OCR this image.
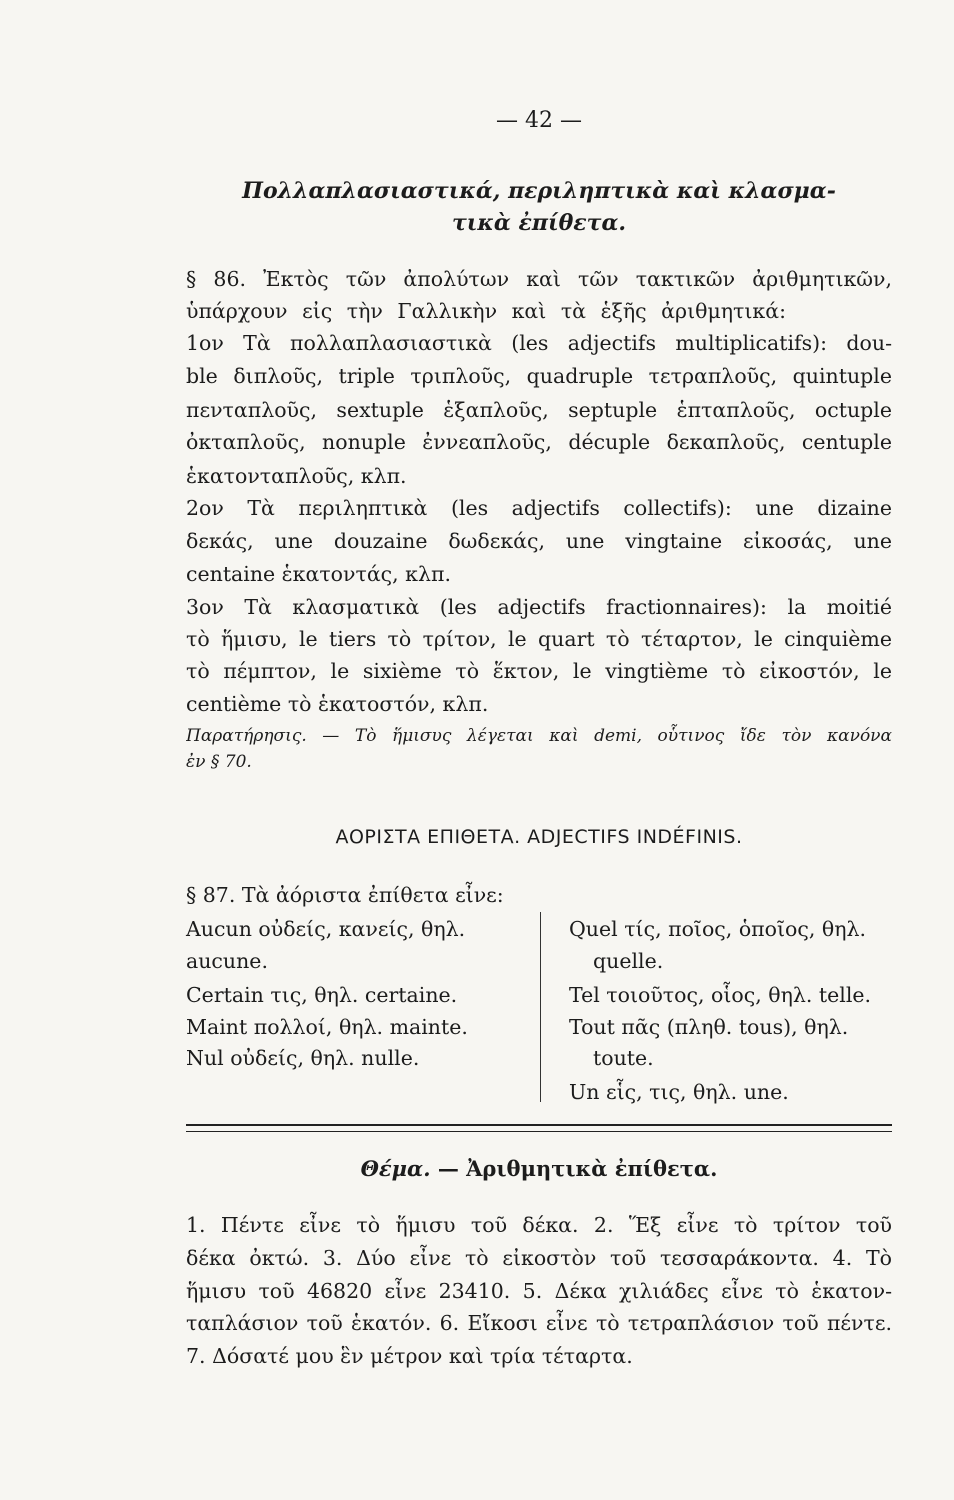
— 42 —
Πολλαπλασιαστικά, περιληπτικὰ καὶ κλασμα-
τικὰ ἐπίθετα.
§ 86. Ἐκτὸς τῶν ἀπολύτων καὶ τῶν τακτικῶν ἀριθμητικῶν,
ὑπάρχουν εἰς τὴν Γαλλικὴν καὶ τὰ ἑξῆς ἀριθμητικά:
1ον Τὰ πολλαπλασιαστικὰ (les adjectifs multiplicatifs): dou-
ble διπλοῦς, triple τριπλοῦς, quadruple τετραπλοῦς, quintuple
πενταπλοῦς, sextuple ἑξαπλοῦς, septuple ἑπταπλοῦς, octuple
ὀκταπλοῦς, nonuple ἐννεαπλοῦς, décuple δεκαπλοῦς, centuple
ἑκατονταπλοῦς, κλπ.
2ον Τὰ περιληπτικὰ (les adjectifs collectifs): une dizaine
δεκάς, une douzaine δωδεκάς, une vingtaine εἰκοσάς, une
centaine ἑκατοντάς, κλπ.
3ον Τὰ κλασματικὰ (les adjectifs fractionnaires): la moitié
τὸ ἥμισυ, le tiers τὸ τρίτον, le quart τὸ τέταρτον, le cinquième
τὸ πέμπτον, le sixième τὸ ἕκτον, le vingtième τὸ εἰκοστόν, le
centième τὸ ἑκατοστόν, κλπ.
Παρατήρησις. — Τὸ ἥμισυς λέγεται καὶ demi, οὗτινος ἴδε τὸν κανόνα
ἐν § 70.
ΑΟΡΙΣΤΑ ΕΠΙΘΕΤΑ. ADJECTIFS INDÉFINIS.
§ 87. Τὰ ἀόριστα ἐπίθετα εἶνε:
Aucun οὐδείς, κανείς, θηλ.
aucune.
Certain τις, θηλ. certaine.
Maint πολλοί, θηλ. mainte.
Nul οὐδείς, θηλ. nulle.
Quel τίς, ποῖος, ὁποῖος, θηλ.
quelle.
Tel τοιοῦτος, οἷος, θηλ. telle.
Tout πᾶς (πληθ. tous), θηλ.
toute.
Un εἷς, τις, θηλ. une.
Θέμα. — Ἀριθμητικὰ ἐπίθετα.
1. Πέντε εἶνε τὸ ἥμισυ τοῦ δέκα. 2. Ἕξ εἶνε τὸ τρίτον τοῦ
δέκα ὀκτώ. 3. Δύο εἶνε τὸ εἰκοστὸν τοῦ τεσσαράκοντα. 4. Τὸ
ἥμισυ τοῦ 46820 εἶνε 23410. 5. Δέκα χιλιάδες εἶνε τὸ ἑκατον-
ταπλάσιον τοῦ ἑκατόν. 6. Εἴκοσι εἶνε τὸ τετραπλάσιον τοῦ πέντε.
7. Δόσατέ μου ἓν μέτρον καὶ τρία τέταρτα.
